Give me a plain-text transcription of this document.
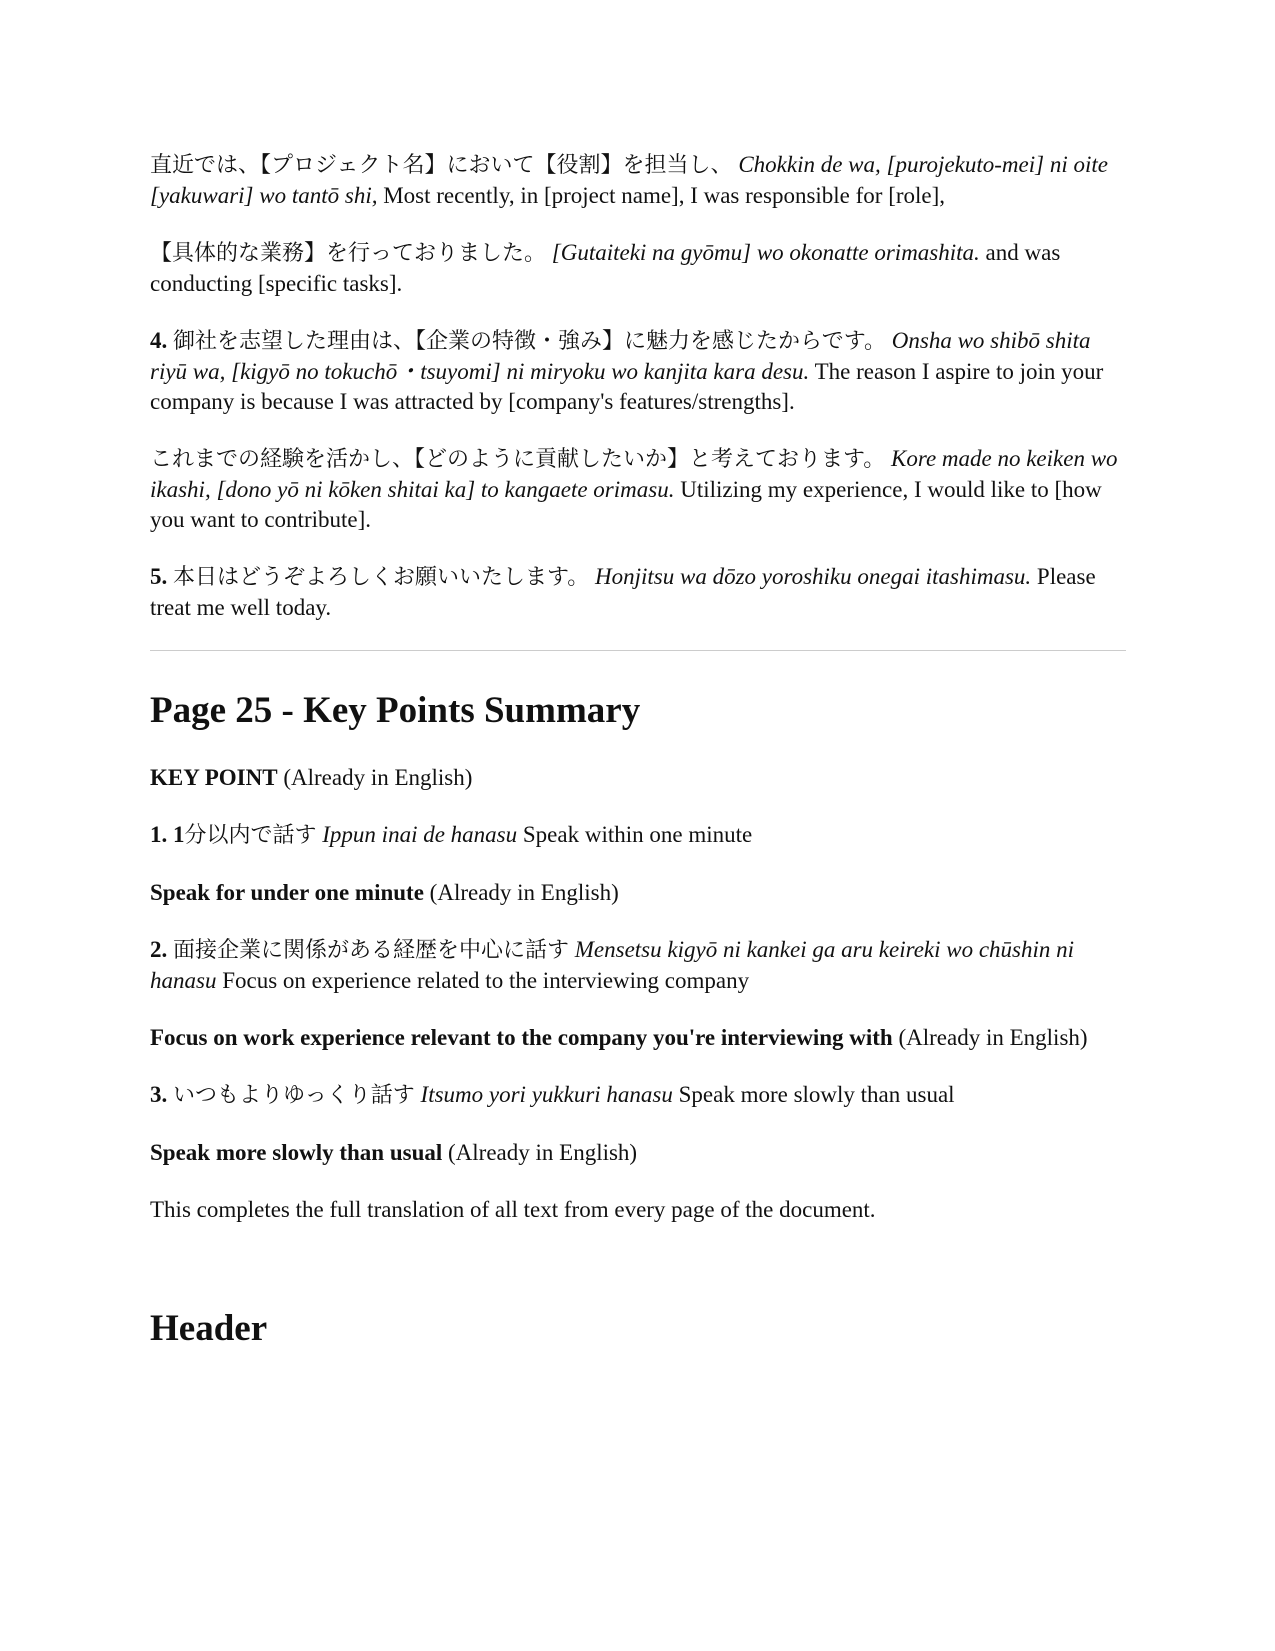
直近では、【プロジェクト名】において【役割】を担当し、 Chokkin de wa, [purojekuto-mei] ni oite [yakuwari] wo tantō shi, Most recently, in [project name], I was responsible for [role],

【具体的な業務】を行っておりました。 [Gutaiteki na gyōmu] wo okonatte orimashita. and was conducting [specific tasks].

4. 御社を志望した理由は、【企業の特徴・強み】に魅力を感じたからです。 Onsha wo shibō shita riyū wa, [kigyō no tokuchō・tsuyomi] ni miryoku wo kanjita kara desu. The reason I aspire to join your company is because I was attracted by [company's features/strengths].

これまでの経験を活かし、【どのように貢献したいか】と考えております。 Kore made no keiken wo ikashi, [dono yō ni kōken shitai ka] to kangaete orimasu. Utilizing my experience, I would like to [how you want to contribute].

5. 本日はどうぞよろしくお願いいたします。 Honjitsu wa dōzo yoroshiku onegai itashimasu. Please treat me well today.

Page 25 - Key Points Summary

KEY POINT (Already in English)

1. 1分以内で話す Ippun inai de hanasu Speak within one minute

Speak for under one minute (Already in English)

2. 面接企業に関係がある経歴を中心に話す Mensetsu kigyō ni kankei ga aru keireki wo chūshin ni hanasu Focus on experience related to the interviewing company

Focus on work experience relevant to the company you're interviewing with (Already in English)

3. いつもよりゆっくり話す Itsumo yori yukkuri hanasu Speak more slowly than usual

Speak more slowly than usual (Already in English)

This completes the full translation of all text from every page of the document.

Header
